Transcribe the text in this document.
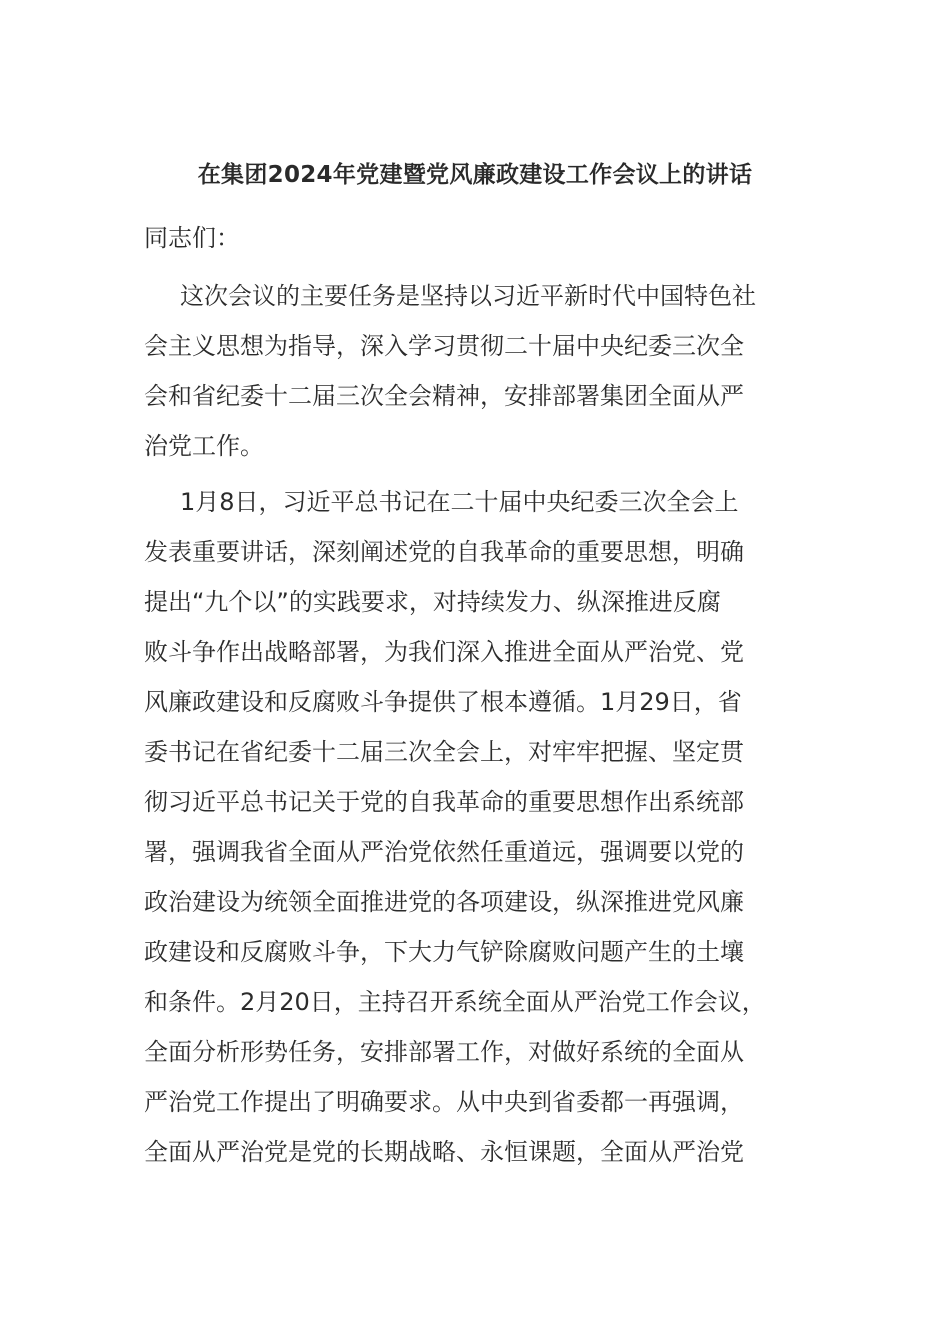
在集团2024年党建暨党风廉政建设工作会议上的讲话
同志们：
这次会议的主要任务是坚持以习近平新时代中国特色社
会主义思想为指导，深入学习贯彻二十届中央纪委三次全
会和省纪委十二届三次全会精神，安排部署集团全面从严
治党工作。
1月8日，习近平总书记在二十届中央纪委三次全会上
发表重要讲话，深刻阐述党的自我革命的重要思想，明确
提出“九个以”的实践要求，对持续发力、纵深推进反腐
败斗争作出战略部署，为我们深入推进全面从严治党、党
风廉政建设和反腐败斗争提供了根本遵循。1月29日，省
委书记在省纪委十二届三次全会上，对牢牢把握、坚定贯
彻习近平总书记关于党的自我革命的重要思想作出系统部
署，强调我省全面从严治党依然任重道远，强调要以党的
政治建设为统领全面推进党的各项建设，纵深推进党风廉
政建设和反腐败斗争，下大力气铲除腐败问题产生的土壤
和条件。2月20日，主持召开系统全面从严治党工作会议，
全面分析形势任务，安排部署工作，对做好系统的全面从
严治党工作提出了明确要求。从中央到省委都一再强调，
全面从严治党是党的长期战略、永恒课题，全面从严治党
